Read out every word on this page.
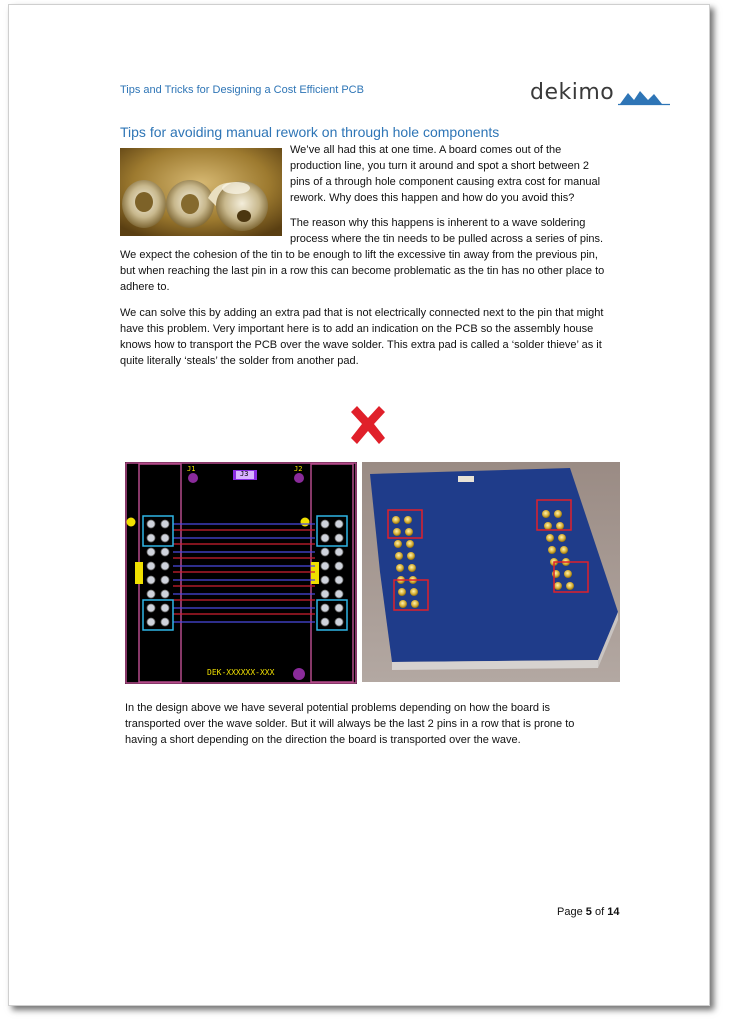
Tips and Tricks for Designing a Cost Efficient PCB	dekimo
Tips for avoiding manual rework on through hole components

We’ve all had this at one time. A board comes out of the production line, you turn it around and spot a short between 2 pins of a through hole component causing extra cost for manual rework. Why does this happen and how do you avoid this?

The reason why this happens is inherent to a wave soldering process where the tin needs to be pulled across a series of pins.

We expect the cohesion of the tin to be enough to lift the excessive tin away from the previous pin, but when reaching the last pin in a row this can become problematic as the tin has no other place to adhere to.

We can solve this by adding an extra pad that is not electrically connected next to the pin that might have this problem. Very important here is to add an indication on the PCB so the assembly house knows how to transport the PCB over the wave solder. This extra pad is called a ‘solder thieve’ as it quite literally ‘steals’ the solder from another pad.

J1	J2
J3
DEK-XXXXXX-XXX

In the design above we have several potential problems depending on how the board is transported over the wave solder. But it will always be the last 2 pins in a row that is prone to having a short depending on the direction the board is transported over the wave.

Page 5 of 14
